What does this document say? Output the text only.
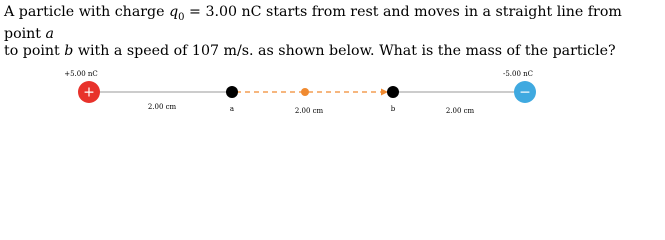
A particle with charge $q_0 = 3.00$ nC starts from rest and moves in a straight line from point a

to point b with a speed of 107 m/s. as shown below. What is the mass of the particle?

+	−
+5.00 nC	-5.00 nC
2.00 cm	2.00 cm	2.00 cm
a	b
